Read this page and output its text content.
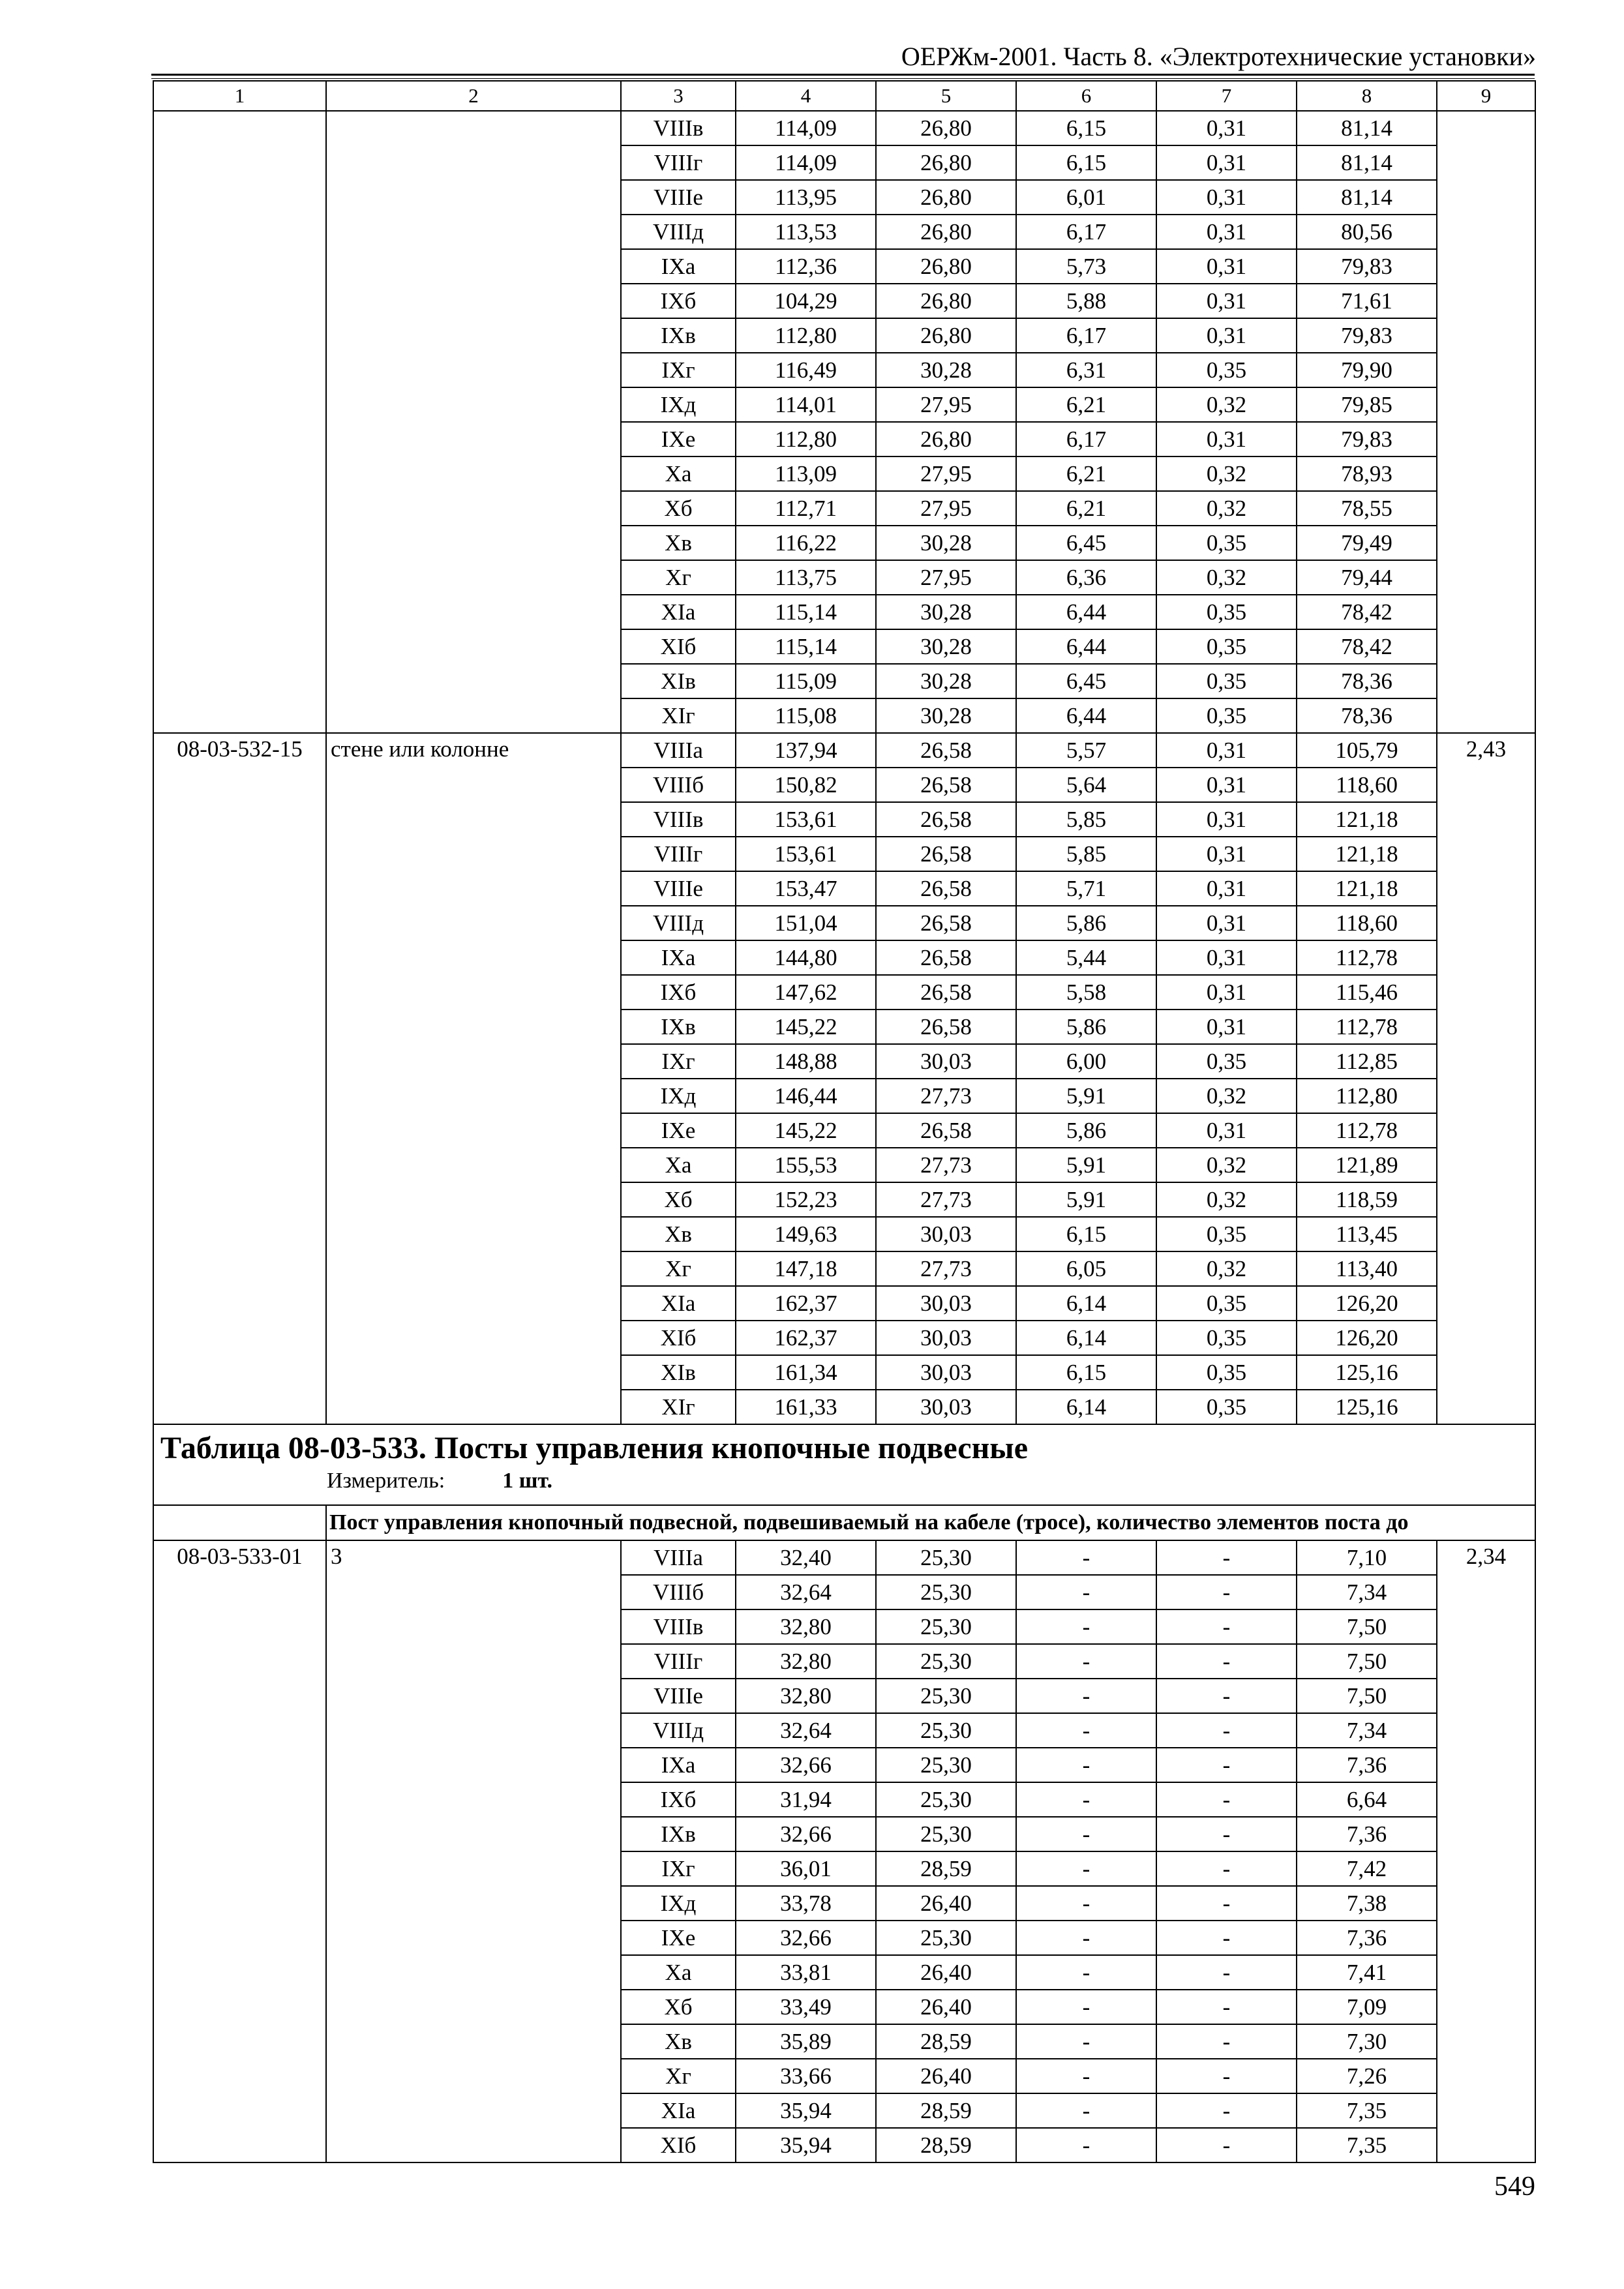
ОЕРЖм-2001. Часть 8. «Электротехнические установки»
1	2	3	4	5	6	7	8	9
		VIIIв	114,09	26,80	6,15	0,31	81,14	
		VIIIг	114,09	26,80	6,15	0,31	81,14	
		VIIIе	113,95	26,80	6,01	0,31	81,14	
		VIIIд	113,53	26,80	6,17	0,31	80,56	
		IXа	112,36	26,80	5,73	0,31	79,83	
		IXб	104,29	26,80	5,88	0,31	71,61	
		IXв	112,80	26,80	6,17	0,31	79,83	
		IXг	116,49	30,28	6,31	0,35	79,90	
		IXд	114,01	27,95	6,21	0,32	79,85	
		IXе	112,80	26,80	6,17	0,31	79,83	
		Xа	113,09	27,95	6,21	0,32	78,93	
		Xб	112,71	27,95	6,21	0,32	78,55	
		Xв	116,22	30,28	6,45	0,35	79,49	
		Xг	113,75	27,95	6,36	0,32	79,44	
		XIа	115,14	30,28	6,44	0,35	78,42	
		XIб	115,14	30,28	6,44	0,35	78,42	
		XIв	115,09	30,28	6,45	0,35	78,36	
		XIг	115,08	30,28	6,44	0,35	78,36	
08-03-532-15	стене или колонне	VIIIа	137,94	26,58	5,57	0,31	105,79	2,43
		VIIIб	150,82	26,58	5,64	0,31	118,60	
		VIIIв	153,61	26,58	5,85	0,31	121,18	
		VIIIг	153,61	26,58	5,85	0,31	121,18	
		VIIIе	153,47	26,58	5,71	0,31	121,18	
		VIIIд	151,04	26,58	5,86	0,31	118,60	
		IXа	144,80	26,58	5,44	0,31	112,78	
		IXб	147,62	26,58	5,58	0,31	115,46	
		IXв	145,22	26,58	5,86	0,31	112,78	
		IXг	148,88	30,03	6,00	0,35	112,85	
		IXд	146,44	27,73	5,91	0,32	112,80	
		IXе	145,22	26,58	5,86	0,31	112,78	
		Xа	155,53	27,73	5,91	0,32	121,89	
		Xб	152,23	27,73	5,91	0,32	118,59	
		Xв	149,63	30,03	6,15	0,35	113,45	
		Xг	147,18	27,73	6,05	0,32	113,40	
		XIа	162,37	30,03	6,14	0,35	126,20	
		XIб	162,37	30,03	6,14	0,35	126,20	
		XIв	161,34	30,03	6,15	0,35	125,16	
		XIг	161,33	30,03	6,14	0,35	125,16	

Таблица 08-03-533. Посты управления кнопочные подвесные
Измеритель: 1 шт.								

	Пост управления кнопочный подвесной, подвешиваемый на кабеле (тросе), количество элементов поста до							
08-03-533-01	3	VIIIа	32,40	25,30	-	-	7,10	2,34
		VIIIб	32,64	25,30	-	-	7,34	
		VIIIв	32,80	25,30	-	-	7,50	
		VIIIг	32,80	25,30	-	-	7,50	
		VIIIе	32,80	25,30	-	-	7,50	
		VIIIд	32,64	25,30	-	-	7,34	
		IXа	32,66	25,30	-	-	7,36	
		IXб	31,94	25,30	-	-	6,64	
		IXв	32,66	25,30	-	-	7,36	
		IXг	36,01	28,59	-	-	7,42	
		IXд	33,78	26,40	-	-	7,38	
		IXе	32,66	25,30	-	-	7,36	
		Xа	33,81	26,40	-	-	7,41	
		Xб	33,49	26,40	-	-	7,09	
		Xв	35,89	28,59	-	-	7,30	
		Xг	33,66	26,40	-	-	7,26	
		XIа	35,94	28,59	-	-	7,35	
		XIб	35,94	28,59	-	-	7,35	
549
